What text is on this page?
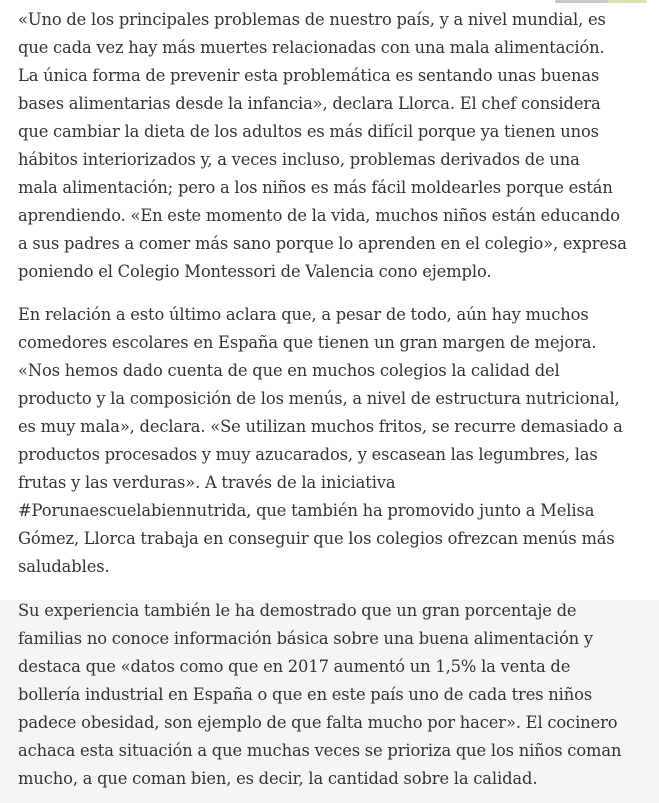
«Uno de los principales problemas de nuestro país, y a nivel mundial, es
que cada vez hay más muertes relacionadas con una mala alimentación.
La única forma de prevenir esta problemática es sentando unas buenas
bases alimentarias desde la infancia», declara Llorca. El chef considera
que cambiar la dieta de los adultos es más difícil porque ya tienen unos
hábitos interiorizados y, a veces incluso, problemas derivados de una
mala alimentación; pero a los niños es más fácil moldearles porque están
aprendiendo. «En este momento de la vida, muchos niños están educando
a sus padres a comer más sano porque lo aprenden en el colegio», expresa
poniendo el Colegio Montessori de Valencia cono ejemplo.

En relación a esto último aclara que, a pesar de todo, aún hay muchos
comedores escolares en España que tienen un gran margen de mejora.
«Nos hemos dado cuenta de que en muchos colegios la calidad del
producto y la composición de los menús, a nivel de estructura nutricional,
es muy mala», declara. «Se utilizan muchos fritos, se recurre demasiado a
productos procesados y muy azucarados, y escasean las legumbres, las
frutas y las verduras». A través de la iniciativa
#Porunaescuelabiennutrida, que también ha promovido junto a Melisa
Gómez, Llorca trabaja en conseguir que los colegios ofrezcan menús más
saludables.

Su experiencia también le ha demostrado que un gran porcentaje de
familias no conoce información básica sobre una buena alimentación y
destaca que «datos como que en 2017 aumentó un 1,5% la venta de
bollería industrial en España o que en este país uno de cada tres niños
padece obesidad, son ejemplo de que falta mucho por hacer». El cocinero
achaca esta situación a que muchas veces se prioriza que los niños coman
mucho, a que coman bien, es decir, la cantidad sobre la calidad.
